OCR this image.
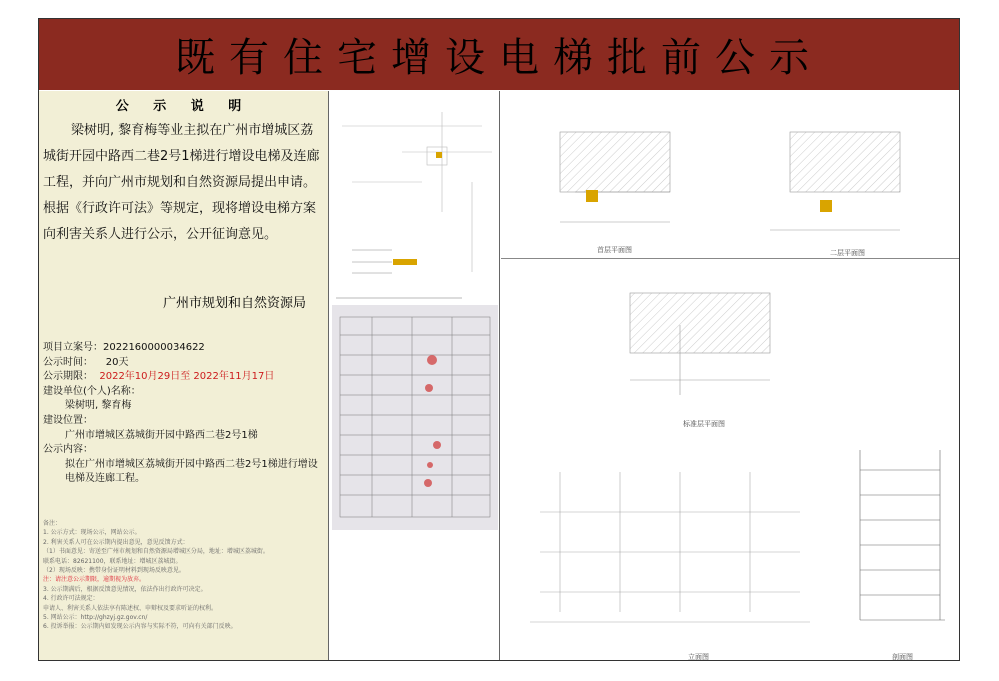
既有住宅增设电梯批前公示
公 示 说 明
梁树明, 黎育梅等业主拟在广州市增城区荔城街开园中路西二巷2号1梯进行增设电梯及连廊工程，并向广州市规划和自然资源局提出申请。根据《行政许可法》等规定，现将增设电梯方案向利害关系人进行公示，公开征询意见。
广州市规划和自然资源局
项目立案号：2022160000034622
公示时间： 20天
公示期限： 2022年10月29日至 2022年11月17日
建设单位(个人)名称：
梁树明, 黎育梅
建设位置：
广州市增城区荔城街开园中路西二巷2号1梯
公示内容：
拟在广州市增城区荔城街开园中路西二巷2号1梯进行增设电梯及连廊工程。
备注：
1. 公示方式：现场公示，网站公示。
2. 利害关系人可在公示期内提出意见，意见反馈方式：
（1）书面意见：寄送至广州市规划和自然资源局增城区分局，地址：增城区荔城街。
联系电话：82621100，联系地址：增城区荔城街。
（2）现场反映：携带身份证明材料到现场反映意见。
注：请注意公示期限，逾期视为放弃。
3. 公示期满后，根据反馈意见情况，依法作出行政许可决定。
4. 行政许可法规定：
申请人、利害关系人依法享有陈述权、申辩权及要求听证的权利。
5. 网站公示：http://ghzyj.gz.gov.cn/
6. 投诉举报：公示期内如发现公示内容与实际不符，可向有关部门反映。
首层平面图	二层平面图
标准层平面图
立面图	剖面图
